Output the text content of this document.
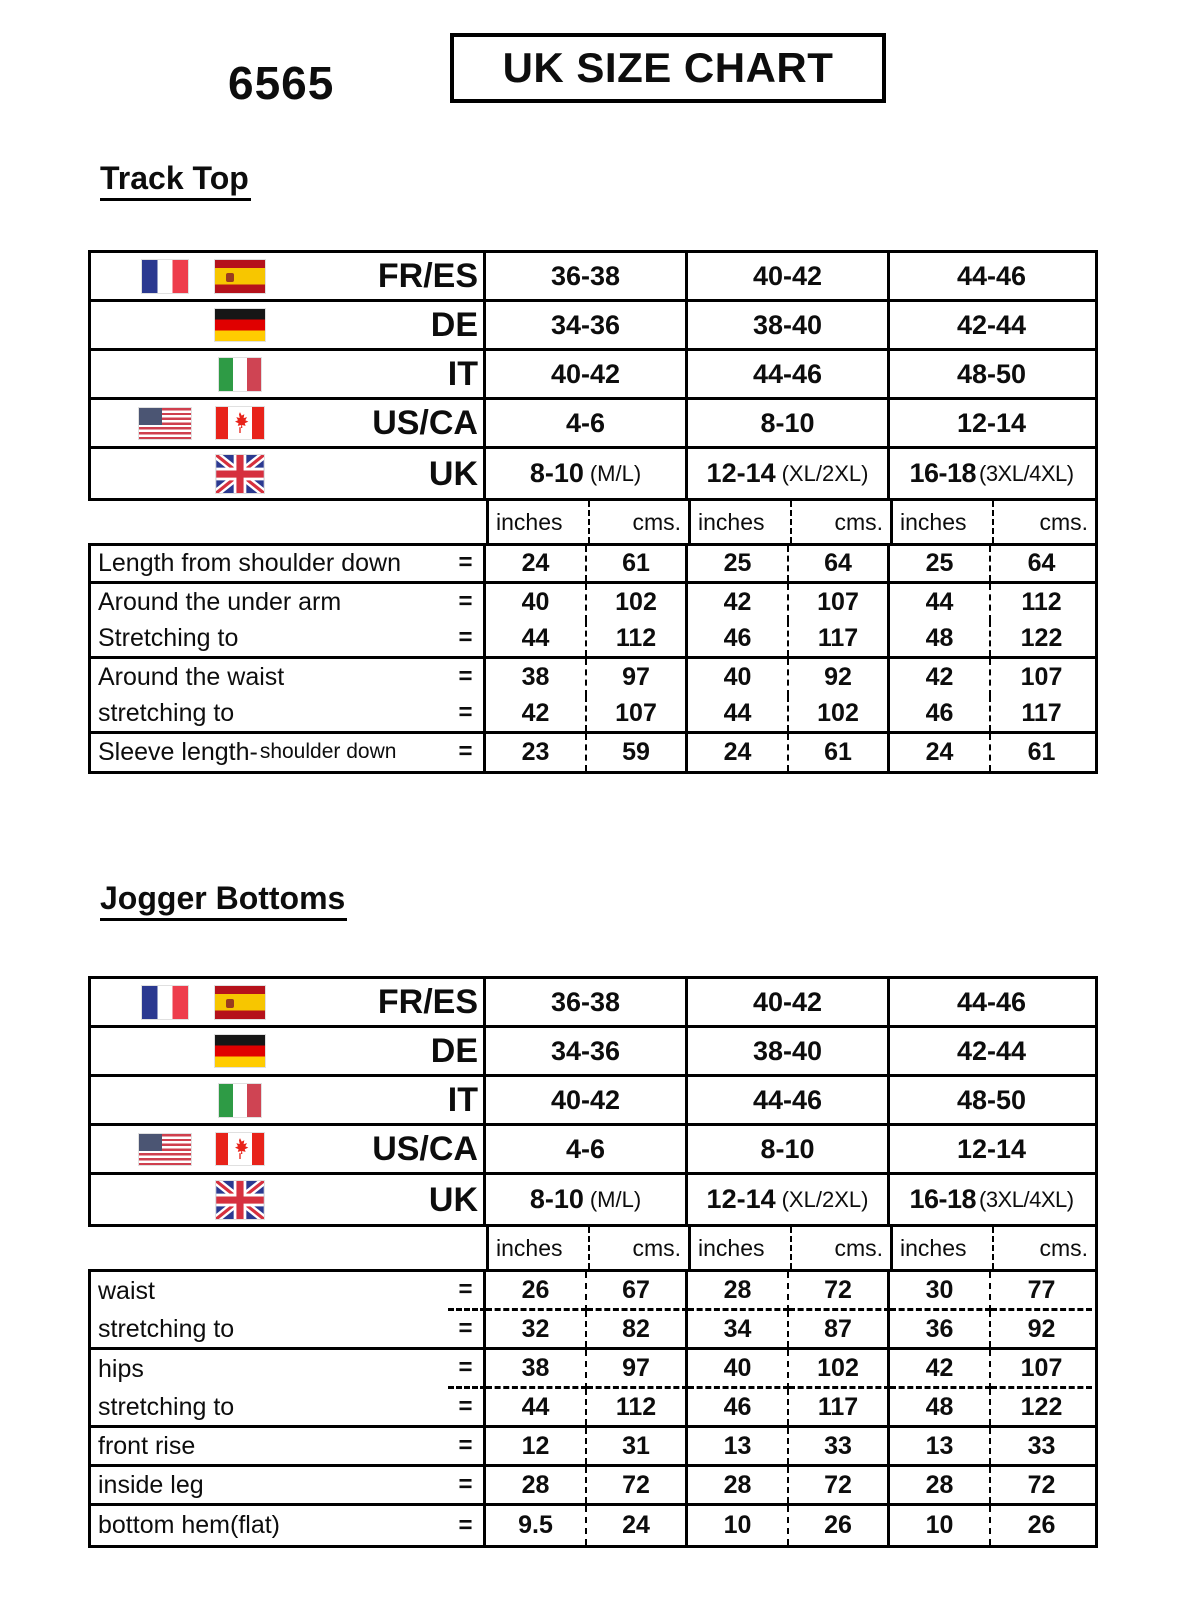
6565	UK SIZE CHART
Track Top
FR/ES	36-38	40-42	44-46
DE	34-36	38-40	42-44
IT	40-42	44-46	48-50
US/CA	4-6	8-10	12-14
UK 8-10 (M/L) 12-14 (XL/2XL) 16-18 (3XL/4XL)
inches	cms. inches	cms. inches	cms.
Length from shoulder down	=	24	61	25	64	25	64
Around the under arm	=	40	102	42	107	44	112
Stretching to	=	44	112	46	117	48	122
Around the waist	=	38	97	40	92	42	107
stretching to	=	42	107	44	102	46	117
Sleeve length- shoulder down	=	23	59	24	61	24	61
Jogger Bottoms
FR/ES	36-38	40-42	44-46
DE	34-36	38-40	42-44
IT	40-42	44-46	48-50
US/CA	4-6	8-10	12-14
UK 8-10 (M/L) 12-14 (XL/2XL) 16-18 (3XL/4XL)
inches	cms. inches	cms. inches	cms.
waist	=	26	67	28	72	30	77
stretching to	=	32	82	34	87	36	92
hips	=	38	97	40	102	42	107
stretching to	=	44	112	46	117	48	122
front rise	=	12	31	13	33	13	33
inside leg	=	28	72	28	72	28	72
bottom hem(flat)	=	9.5	24	10	26	10	26
